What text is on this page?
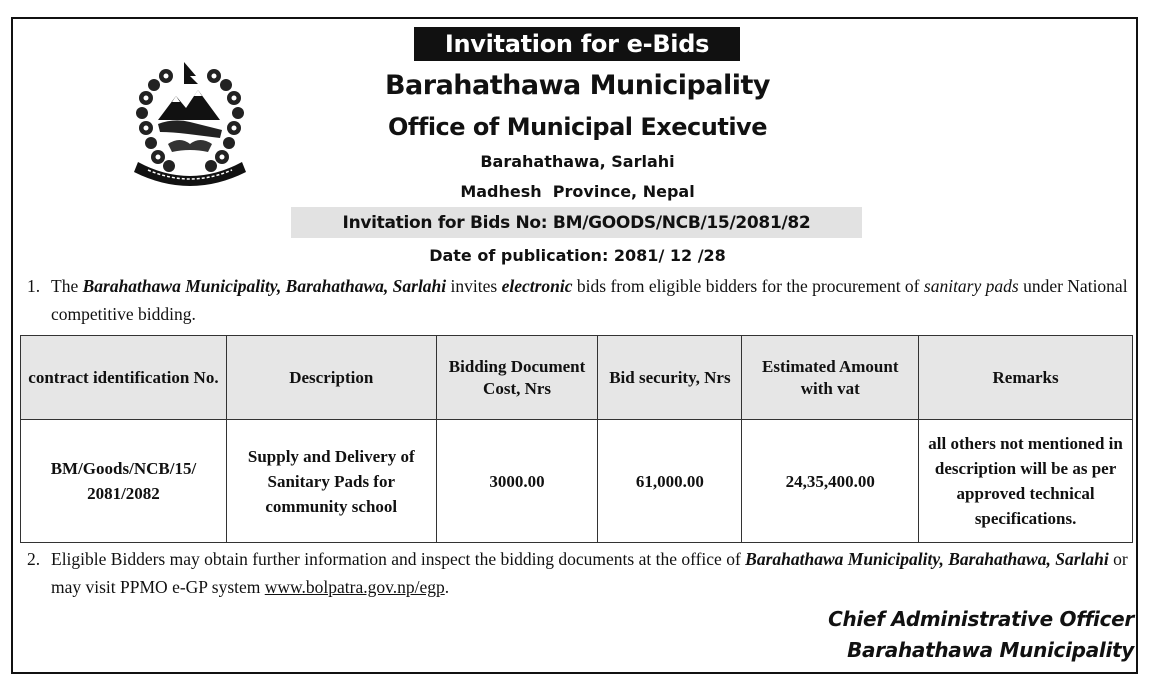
Invitation for e-Bids
Barahathawa Municipality
Office of Municipal Executive
Barahathawa, Sarlahi
Madhesh  Province, Nepal
Invitation for Bids No: BM/GOODS/NCB/15/2081/82
Date of publication: 2081/ 12 /28
1. The Barahathawa Municipality, Barahathawa, Sarlahi invites electronic bids from eligible bidders for the procurement of sanitary pads under National competitive bidding.
contract identification No.	Description	Bidding Document Cost, Nrs	Bid security, Nrs	Estimated Amount with vat	Remarks
BM/Goods/NCB/15/ 2081/2082	Supply and Delivery of Sanitary Pads for community school	3000.00	61,000.00	24,35,400.00	all others not mentioned in description will be as per approved technical specifications.
2. Eligible Bidders may obtain further information and inspect the bidding documents at the office of Barahathawa Municipality, Barahathawa, Sarlahi or may visit PPMO e-GP system www.bolpatra.gov.np/egp.
Chief Administrative Officer
Barahathawa Municipality
